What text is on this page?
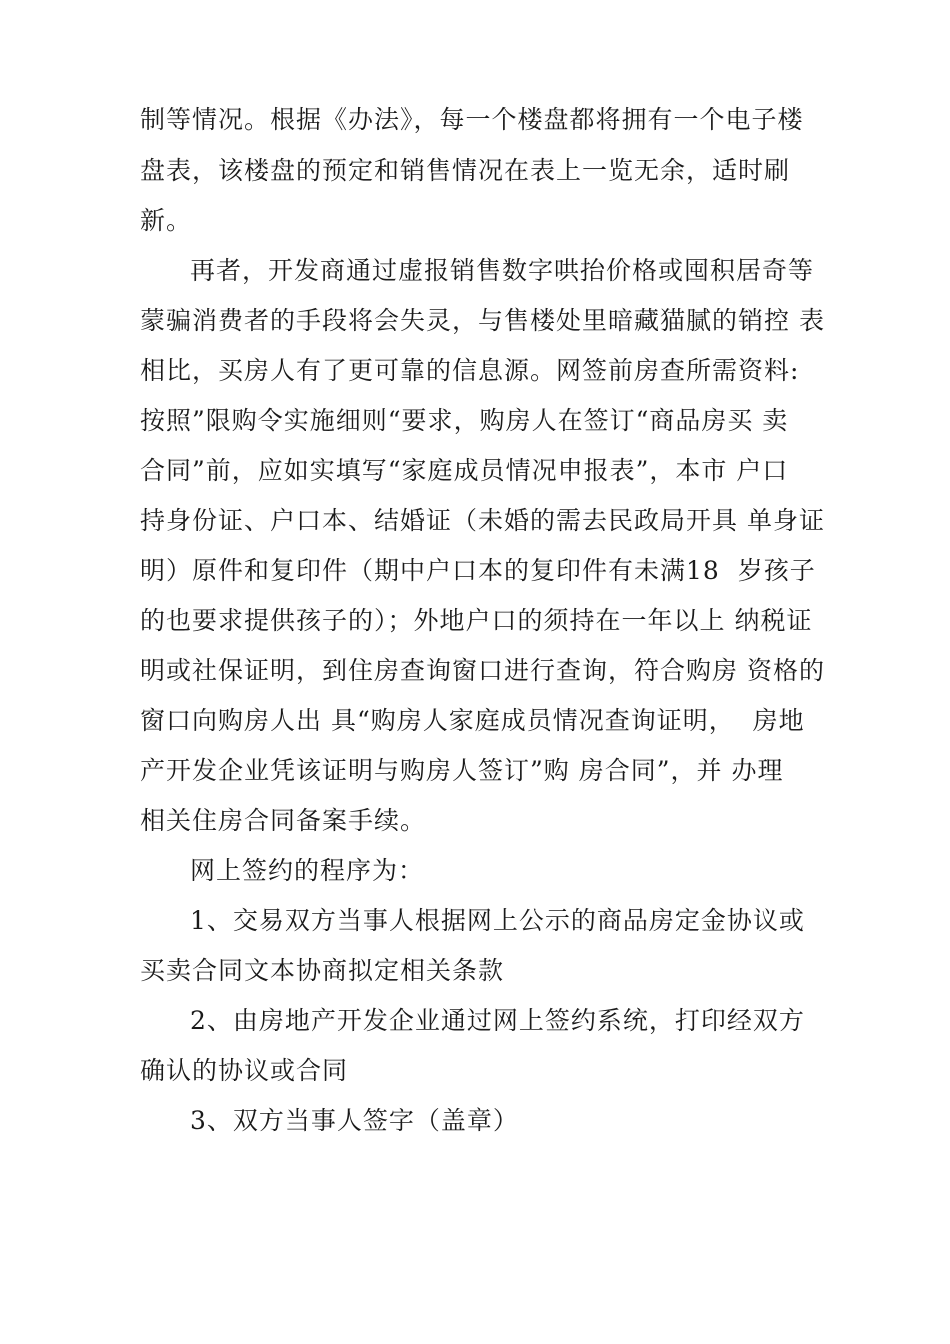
制等情况。根据《办法》，每一个楼盘都将拥有一个电子楼
盘表，该楼盘的预定和销售情况在表上一览无余，适时刷
新。
再者，开发商通过虚报销售数字哄抬价格或囤积居奇等
蒙骗消费者的手段将会失灵，与售楼处里暗藏猫腻的销控 表
相比，买房人有了更可靠的信息源。网签前房查所需资料:
按照”限购令实施细则“要求，购房人在签订“商品房买 卖
合同”前，应如实填写“家庭成员情况申报表”，本市 户口
持身份证、户口本、结婚证（未婚的需去民政局开具 单身证
明）原件和复印件（期中户口本的复印件有未满18  岁孩子
的也要求提供孩子的）；外地户口的须持在一年以上 纳税证
明或社保证明，到住房查询窗口进行查询，符合购房 资格的
窗口向购房人出 具“购房人家庭成员情况查询证明，  房地
产开发企业凭该证明与购房人签订”购 房合同”，并 办理
相关住房合同备案手续。
网上签约的程序为：
1、交易双方当事人根据网上公示的商品房定金协议或
买卖合同文本协商拟定相关条款
2、由房地产开发企业通过网上签约系统，打印经双方
确认的协议或合同
3、双方当事人签字（盖章）
